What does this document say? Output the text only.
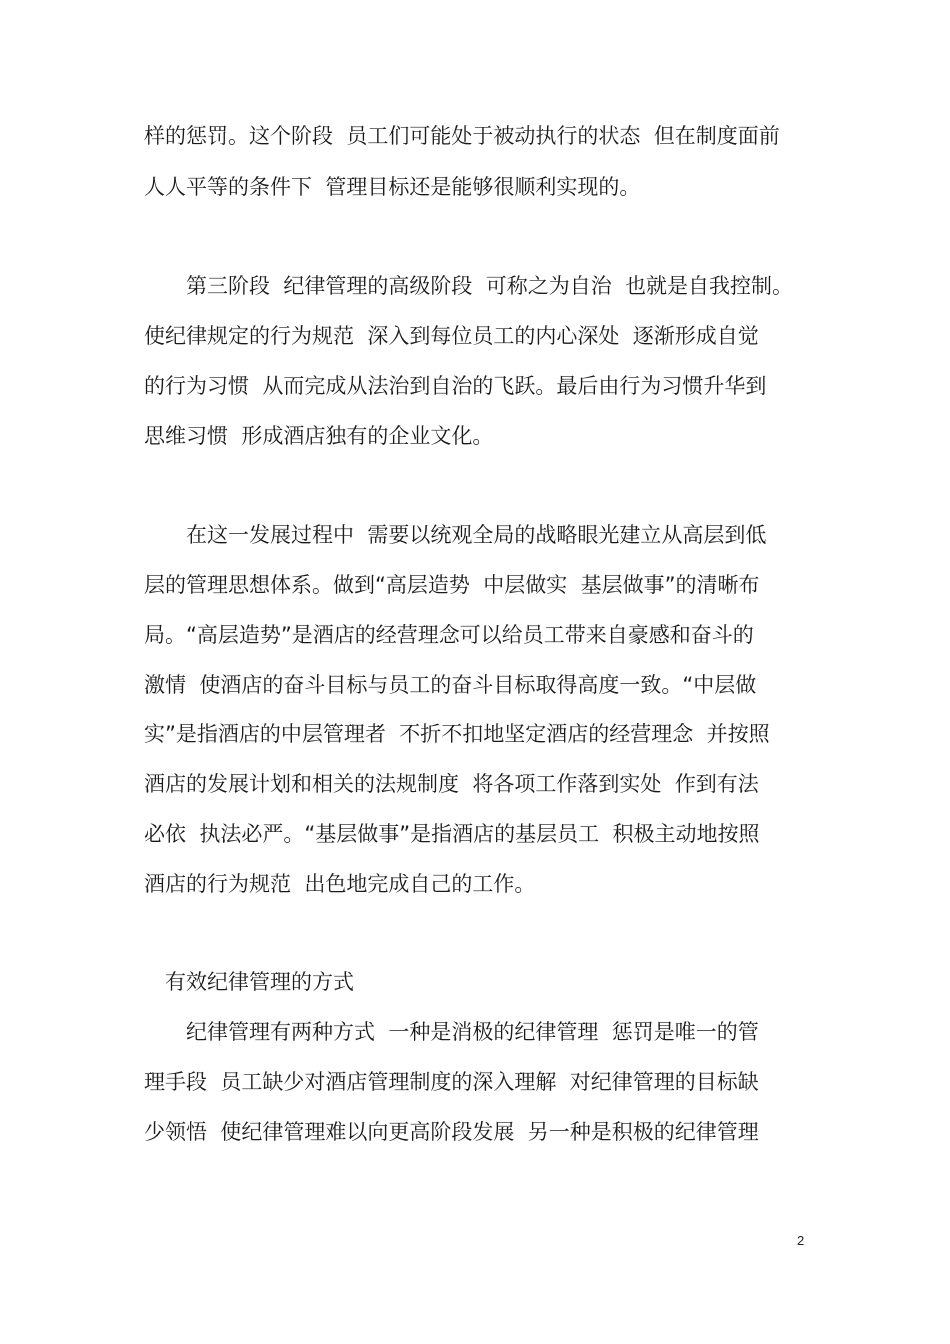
样的惩罚。这个阶段  员工们可能处于被动执行的状态  但在制度面前
人人平等的条件下  管理目标还是能够很顺利实现的。
第三阶段  纪律管理的高级阶段  可称之为自治  也就是自我控制。
使纪律规定的行为规范  深入到每位员工的内心深处  逐渐形成自觉
的行为习惯  从而完成从法治到自治的飞跃。最后由行为习惯升华到
思维习惯  形成酒店独有的企业文化。
在这一发展过程中  需要以统观全局的战略眼光建立从高层到低
层的管理思想体系。做到“高层造势  中层做实  基层做事”的清晰布
局。“高层造势”是酒店的经营理念可以给员工带来自豪感和奋斗的
激情  使酒店的奋斗目标与员工的奋斗目标取得高度一致。“中层做
实”是指酒店的中层管理者  不折不扣地坚定酒店的经营理念  并按照
酒店的发展计划和相关的法规制度  将各项工作落到实处  作到有法
必依  执法必严。“基层做事”是指酒店的基层员工  积极主动地按照
酒店的行为规范  出色地完成自己的工作。
有效纪律管理的方式
纪律管理有两种方式  一种是消极的纪律管理  惩罚是唯一的管
理手段  员工缺少对酒店管理制度的深入理解  对纪律管理的目标缺
少领悟  使纪律管理难以向更高阶段发展  另一种是积极的纪律管理
2
